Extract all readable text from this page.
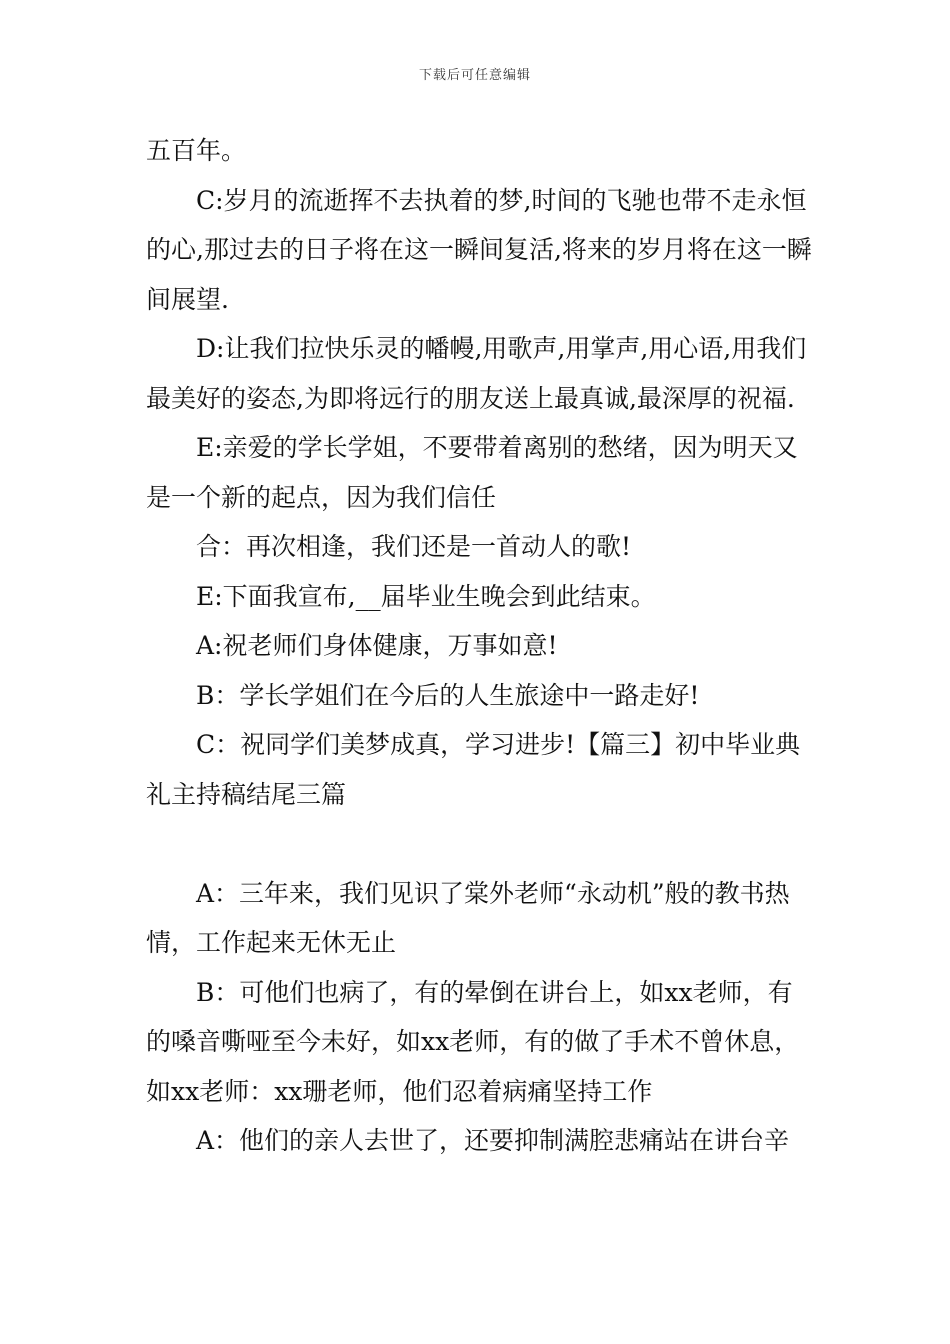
下载后可任意编辑

五百年。

C:岁月的流逝挥不去执着的梦,时间的飞驰也带不走永恒的心,那过去的日子将在这一瞬间复活,将来的岁月将在这一瞬间展望.

D:让我们拉快乐灵的幡幔,用歌声,用掌声,用心语,用我们最美好的姿态,为即将远行的朋友送上最真诚,最深厚的祝福.

E:亲爱的学长学姐，不要带着离别的愁绪，因为明天又是一个新的起点，因为我们信任

合：再次相逢，我们还是一首动人的歌!

E:下面我宣布,__届毕业生晚会到此结束。

A:祝老师们身体健康，万事如意!

B：学长学姐们在今后的人生旅途中一路走好!

C：祝同学们美梦成真，学习进步!【篇三】初中毕业典礼主持稿结尾三篇

A：三年来，我们见识了棠外老师“永动机”般的教书热情，工作起来无休无止

B：可他们也病了，有的晕倒在讲台上，如xx老师，有的嗓音嘶哑至今未好，如xx老师，有的做了手术不曾休息，如xx老师：xx珊老师，他们忍着病痛坚持工作

A：他们的亲人去世了，还要抑制满腔悲痛站在讲台辛
